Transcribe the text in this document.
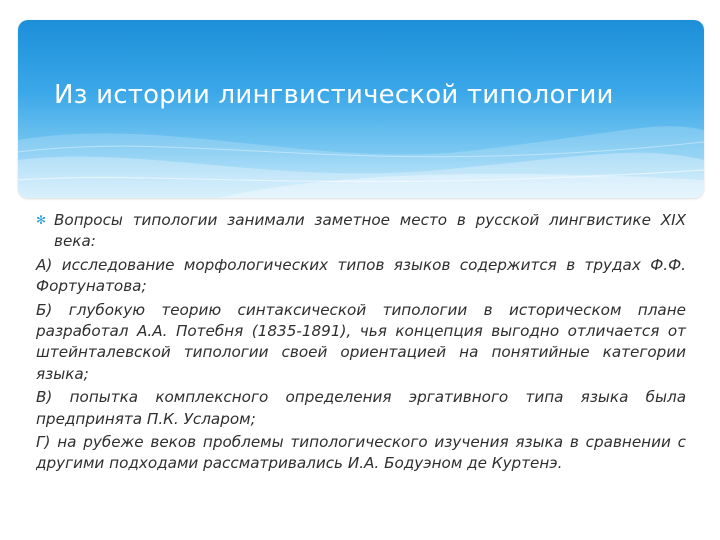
Из истории лингвистической типологии

✻ Вопросы типологии занимали заметное место в русской лингвистике XIX века:

А) исследование морфологических типов языков содержится в трудах Ф.Ф. Фортунатова;

Б) глубокую теорию синтаксической типологии в историческом плане разработал А.А. Потебня (1835-1891), чья концепция выгодно отличается от штейнталевской типологии своей ориентацией на понятийные категории языка;

В) попытка комплексного определения эргативного типа языка была предпринята П.К. Усларом;

Г) на рубеже веков проблемы типологического изучения языка в сравнении с другими подходами рассматривались И.А. Бодуэном де Куртенэ.
